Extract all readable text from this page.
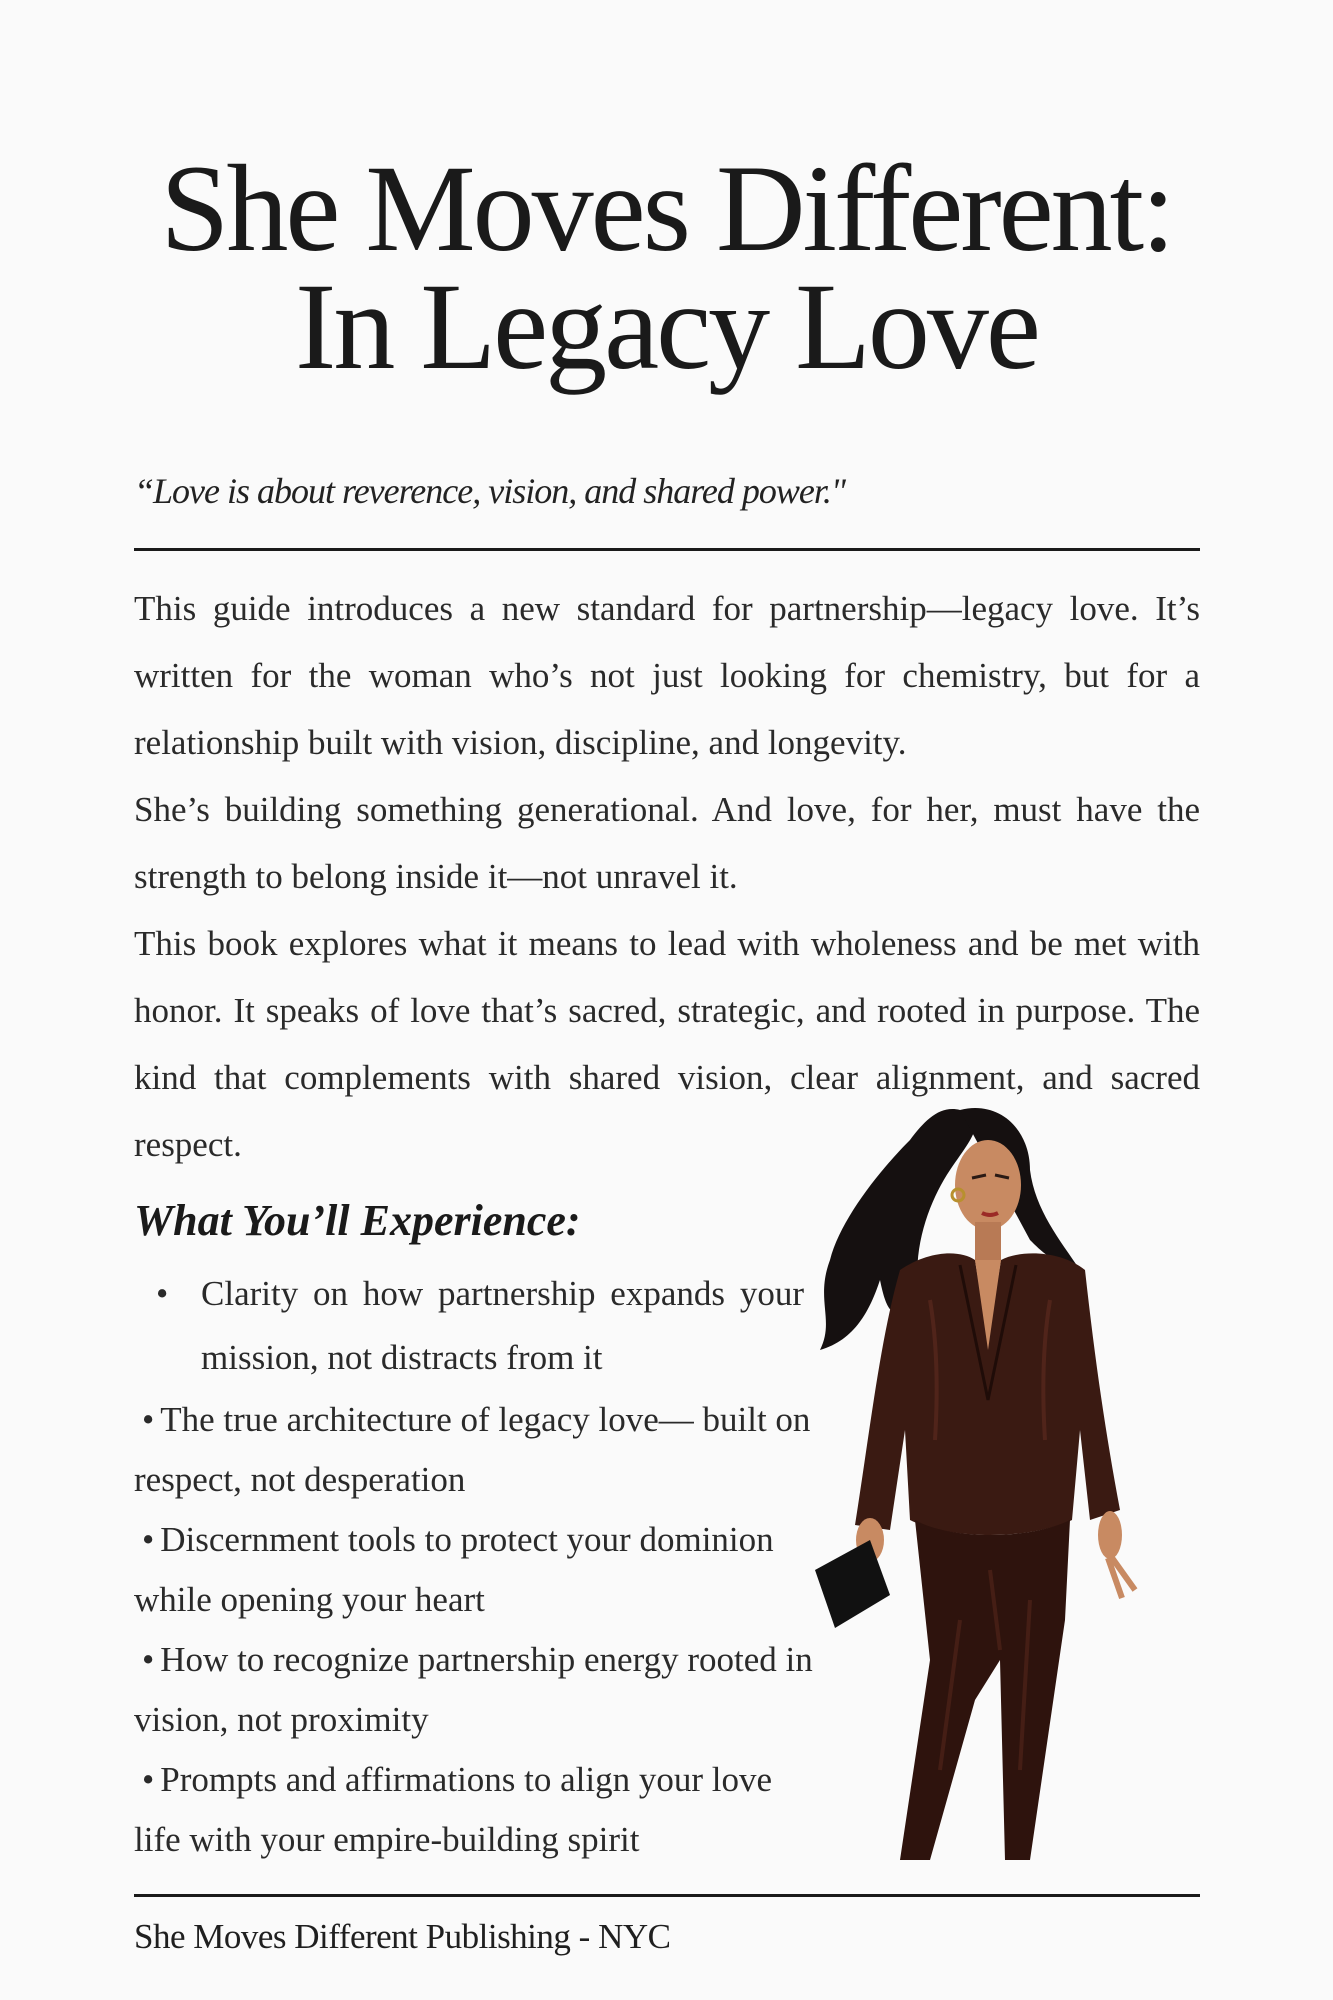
She Moves Different:
In Legacy Love
“Love is about reverence, vision, and shared power."

This guide introduces a new standard for partnership—legacy love. It’s written for the woman who’s not just looking for chemistry, but for a relationship built with vision, discipline, and longevity.

She’s building something generational. And love, for her, must have the strength to belong inside it—not unravel it.

This book explores what it means to lead with wholeness and be met with honor. It speaks of love that’s sacred, strategic, and rooted in purpose. The kind that complements with shared vision, clear alignment, and sacred respect.

What You’ll Experience:
• Clarity on how partnership expands your mission, not distracts from it
• The true architecture of legacy love— built on respect, not desperation
• Discernment tools to protect your dominion while opening your heart
• How to recognize partnership energy rooted in vision, not proximity
• Prompts and affirmations to align your love life with your empire-building spirit
She Moves Different Publishing - NYC
